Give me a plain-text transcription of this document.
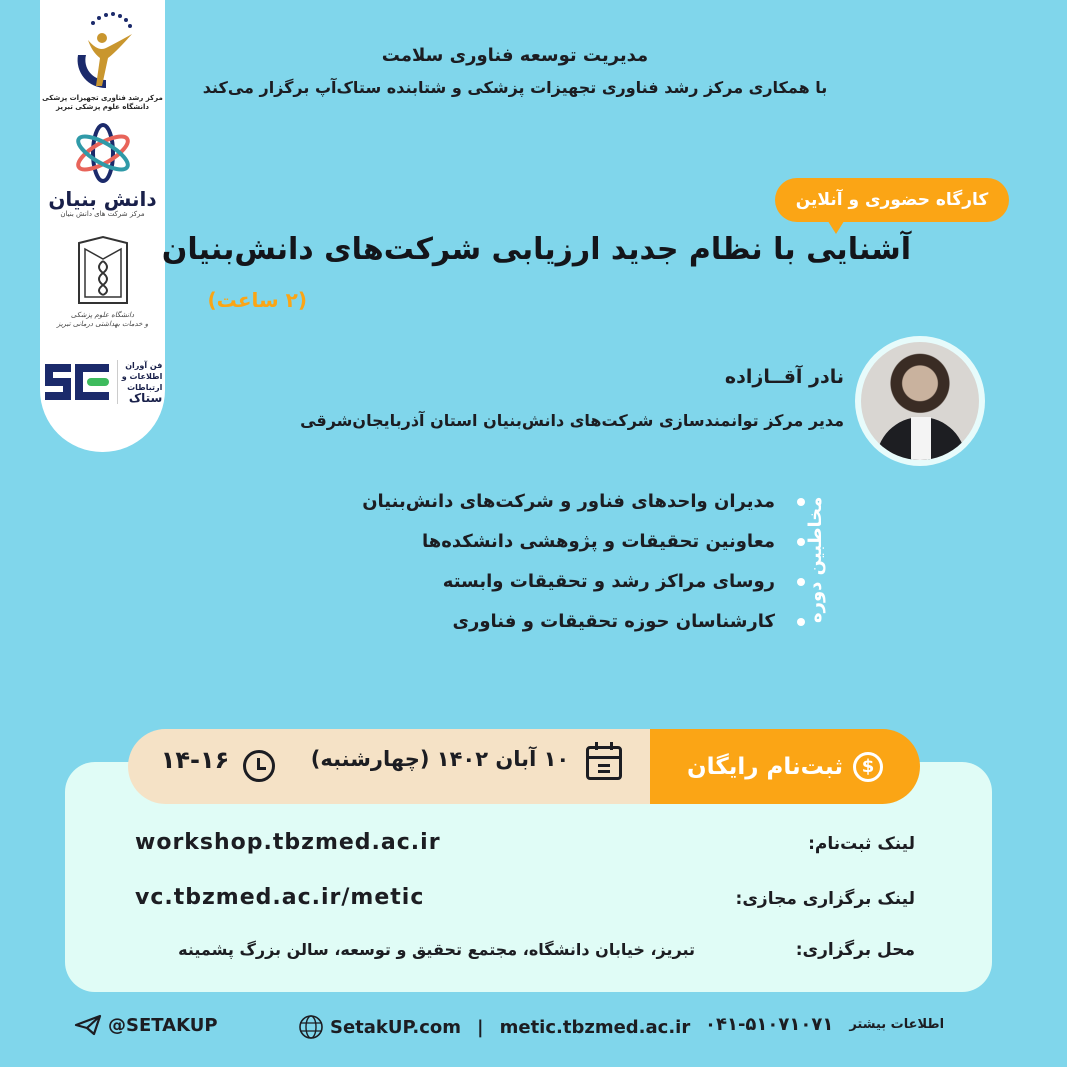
مرکز رشد فناوری تجهیزات پزشکی
دانشگاه علوم پزشکی تبریز
دانش بنیان
مرکز شرکت های دانش بنیان
دانشگاه علوم پزشکی
و خدمات بهداشتی درمانی تبریز
فن آوران
اطلاعات و
ارتباطات
ستاک
مدیریت توسعه فناوری سلامت
با همکاری مرکز رشد فناوری تجهیزات پزشکی و شتابنده ستاک‌آپ برگزار می‌کند
کارگاه حضوری و آنلاین
آشنایی با نظام جدید ارزیابی شرکت‌های دانش‌بنیان
(۲ ساعت)
نادر آقــازاده
مدیر مرکز توانمندسازی شرکت‌های دانش‌بنیان استان آذربایجان‌شرقی
مخاطبین دوره
مدیران واحدهای فناور و شرکت‌های دانش‌بنیان
معاونین تحقیقات و پژوهشی دانشکده‌ها
روسای مراکز رشد و تحقیقات وابسته
کارشناسان حوزه تحقیقات و فناوری
$
ثبت‌نام رایگان
۱۰ آبان ۱۴۰۲ (چهارشنبه)
۱۴-۱۶
لینک ثبت‌نام:
workshop.tbzmed.ac.ir
لینک برگزاری مجازی:
vc.tbzmed.ac.ir/metic
محل برگزاری:
تبریز، خیابان دانشگاه، مجتمع تحقیق و توسعه، سالن بزرگ پشمینه
@SETAKUP	SetakUP.com | metic.tbzmed.ac.ir ۰۴۱-۵۱۰۷۱۰۷۱ اطلاعات بیشتر
